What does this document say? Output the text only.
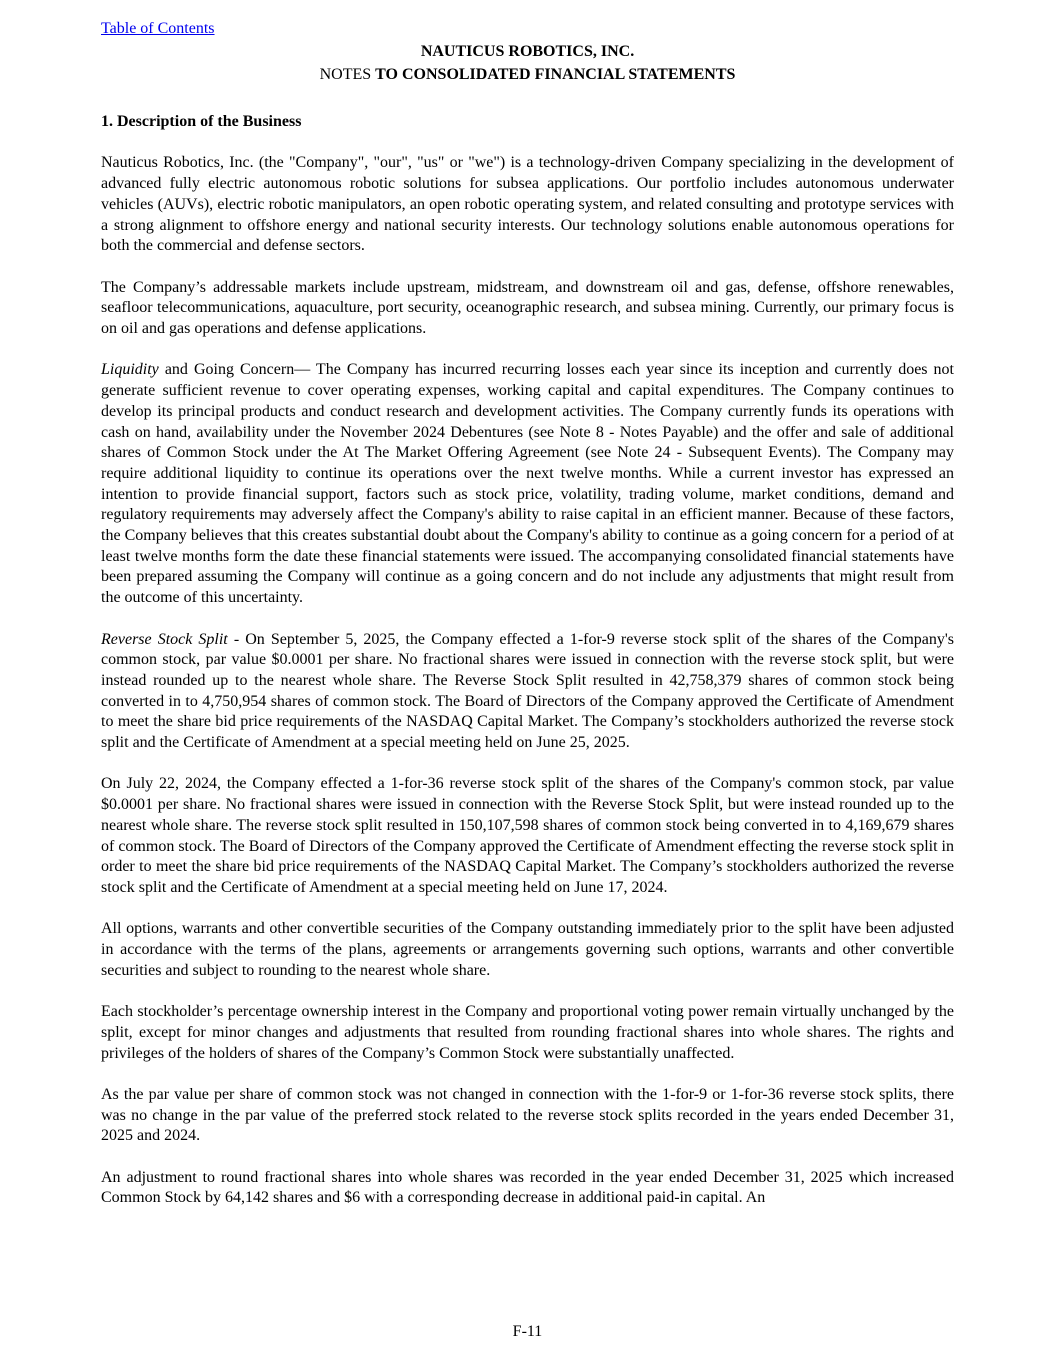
Table of Contents
NAUTICUS ROBOTICS, INC.
NOTES TO CONSOLIDATED FINANCIAL STATEMENTS
1. Description of the Business

Nauticus Robotics, Inc. (the "Company", "our", "us" or "we") is a technology-driven Company specializing in the development of advanced fully electric autonomous robotic solutions for subsea applications. Our portfolio includes autonomous underwater vehicles (AUVs), electric robotic manipulators, an open robotic operating system, and related consulting and prototype services with a strong alignment to offshore energy and national security interests. Our technology solutions enable autonomous operations for both the commercial and defense sectors.

The Company’s addressable markets include upstream, midstream, and downstream oil and gas, defense, offshore renewables, seafloor telecommunications, aquaculture, port security, oceanographic research, and subsea mining. Currently, our primary focus is on oil and gas operations and defense applications.

Liquidity and Going Concern— The Company has incurred recurring losses each year since its inception and currently does not generate sufficient revenue to cover operating expenses, working capital and capital expenditures. The Company continues to develop its principal products and conduct research and development activities. The Company currently funds its operations with cash on hand, availability under the November 2024 Debentures (see Note 8 - Notes Payable) and the offer and sale of additional shares of Common Stock under the At The Market Offering Agreement (see Note 24 - Subsequent Events). The Company may require additional liquidity to continue its operations over the next twelve months. While a current investor has expressed an intention to provide financial support, factors such as stock price, volatility, trading volume, market conditions, demand and regulatory requirements may adversely affect the Company's ability to raise capital in an efficient manner. Because of these factors, the Company believes that this creates substantial doubt about the Company's ability to continue as a going concern for a period of at least twelve months form the date these financial statements were issued. The accompanying consolidated financial statements have been prepared assuming the Company will continue as a going concern and do not include any adjustments that might result from the outcome of this uncertainty.

Reverse Stock Split - On September 5, 2025, the Company effected a 1-for-9 reverse stock split of the shares of the Company's common stock, par value $0.0001 per share. No fractional shares were issued in connection with the reverse stock split, but were instead rounded up to the nearest whole share. The Reverse Stock Split resulted in 42,758,379 shares of common stock being converted in to 4,750,954 shares of common stock. The Board of Directors of the Company approved the Certificate of Amendment to meet the share bid price requirements of the NASDAQ Capital Market. The Company’s stockholders authorized the reverse stock split and the Certificate of Amendment at a special meeting held on June 25, 2025.

On July 22, 2024, the Company effected a 1-for-36 reverse stock split of the shares of the Company's common stock, par value $0.0001 per share. No fractional shares were issued in connection with the Reverse Stock Split, but were instead rounded up to the nearest whole share. The reverse stock split resulted in 150,107,598 shares of common stock being converted in to 4,169,679 shares of common stock. The Board of Directors of the Company approved the Certificate of Amendment effecting the reverse stock split in order to meet the share bid price requirements of the NASDAQ Capital Market. The Company’s stockholders authorized the reverse stock split and the Certificate of Amendment at a special meeting held on June 17, 2024.

All options, warrants and other convertible securities of the Company outstanding immediately prior to the split have been adjusted in accordance with the terms of the plans, agreements or arrangements governing such options, warrants and other convertible securities and subject to rounding to the nearest whole share.

Each stockholder’s percentage ownership interest in the Company and proportional voting power remain virtually unchanged by the split, except for minor changes and adjustments that resulted from rounding fractional shares into whole shares. The rights and privileges of the holders of shares of the Company’s Common Stock were substantially unaffected.

As the par value per share of common stock was not changed in connection with the 1-for-9 or 1-for-36 reverse stock splits, there was no change in the par value of the preferred stock related to the reverse stock splits recorded in the years ended December 31, 2025 and 2024.

An adjustment to round fractional shares into whole shares was recorded in the year ended December 31, 2025 which increased Common Stock by 64,142 shares and $6 with a corresponding decrease in additional paid-in capital. An

F-11
